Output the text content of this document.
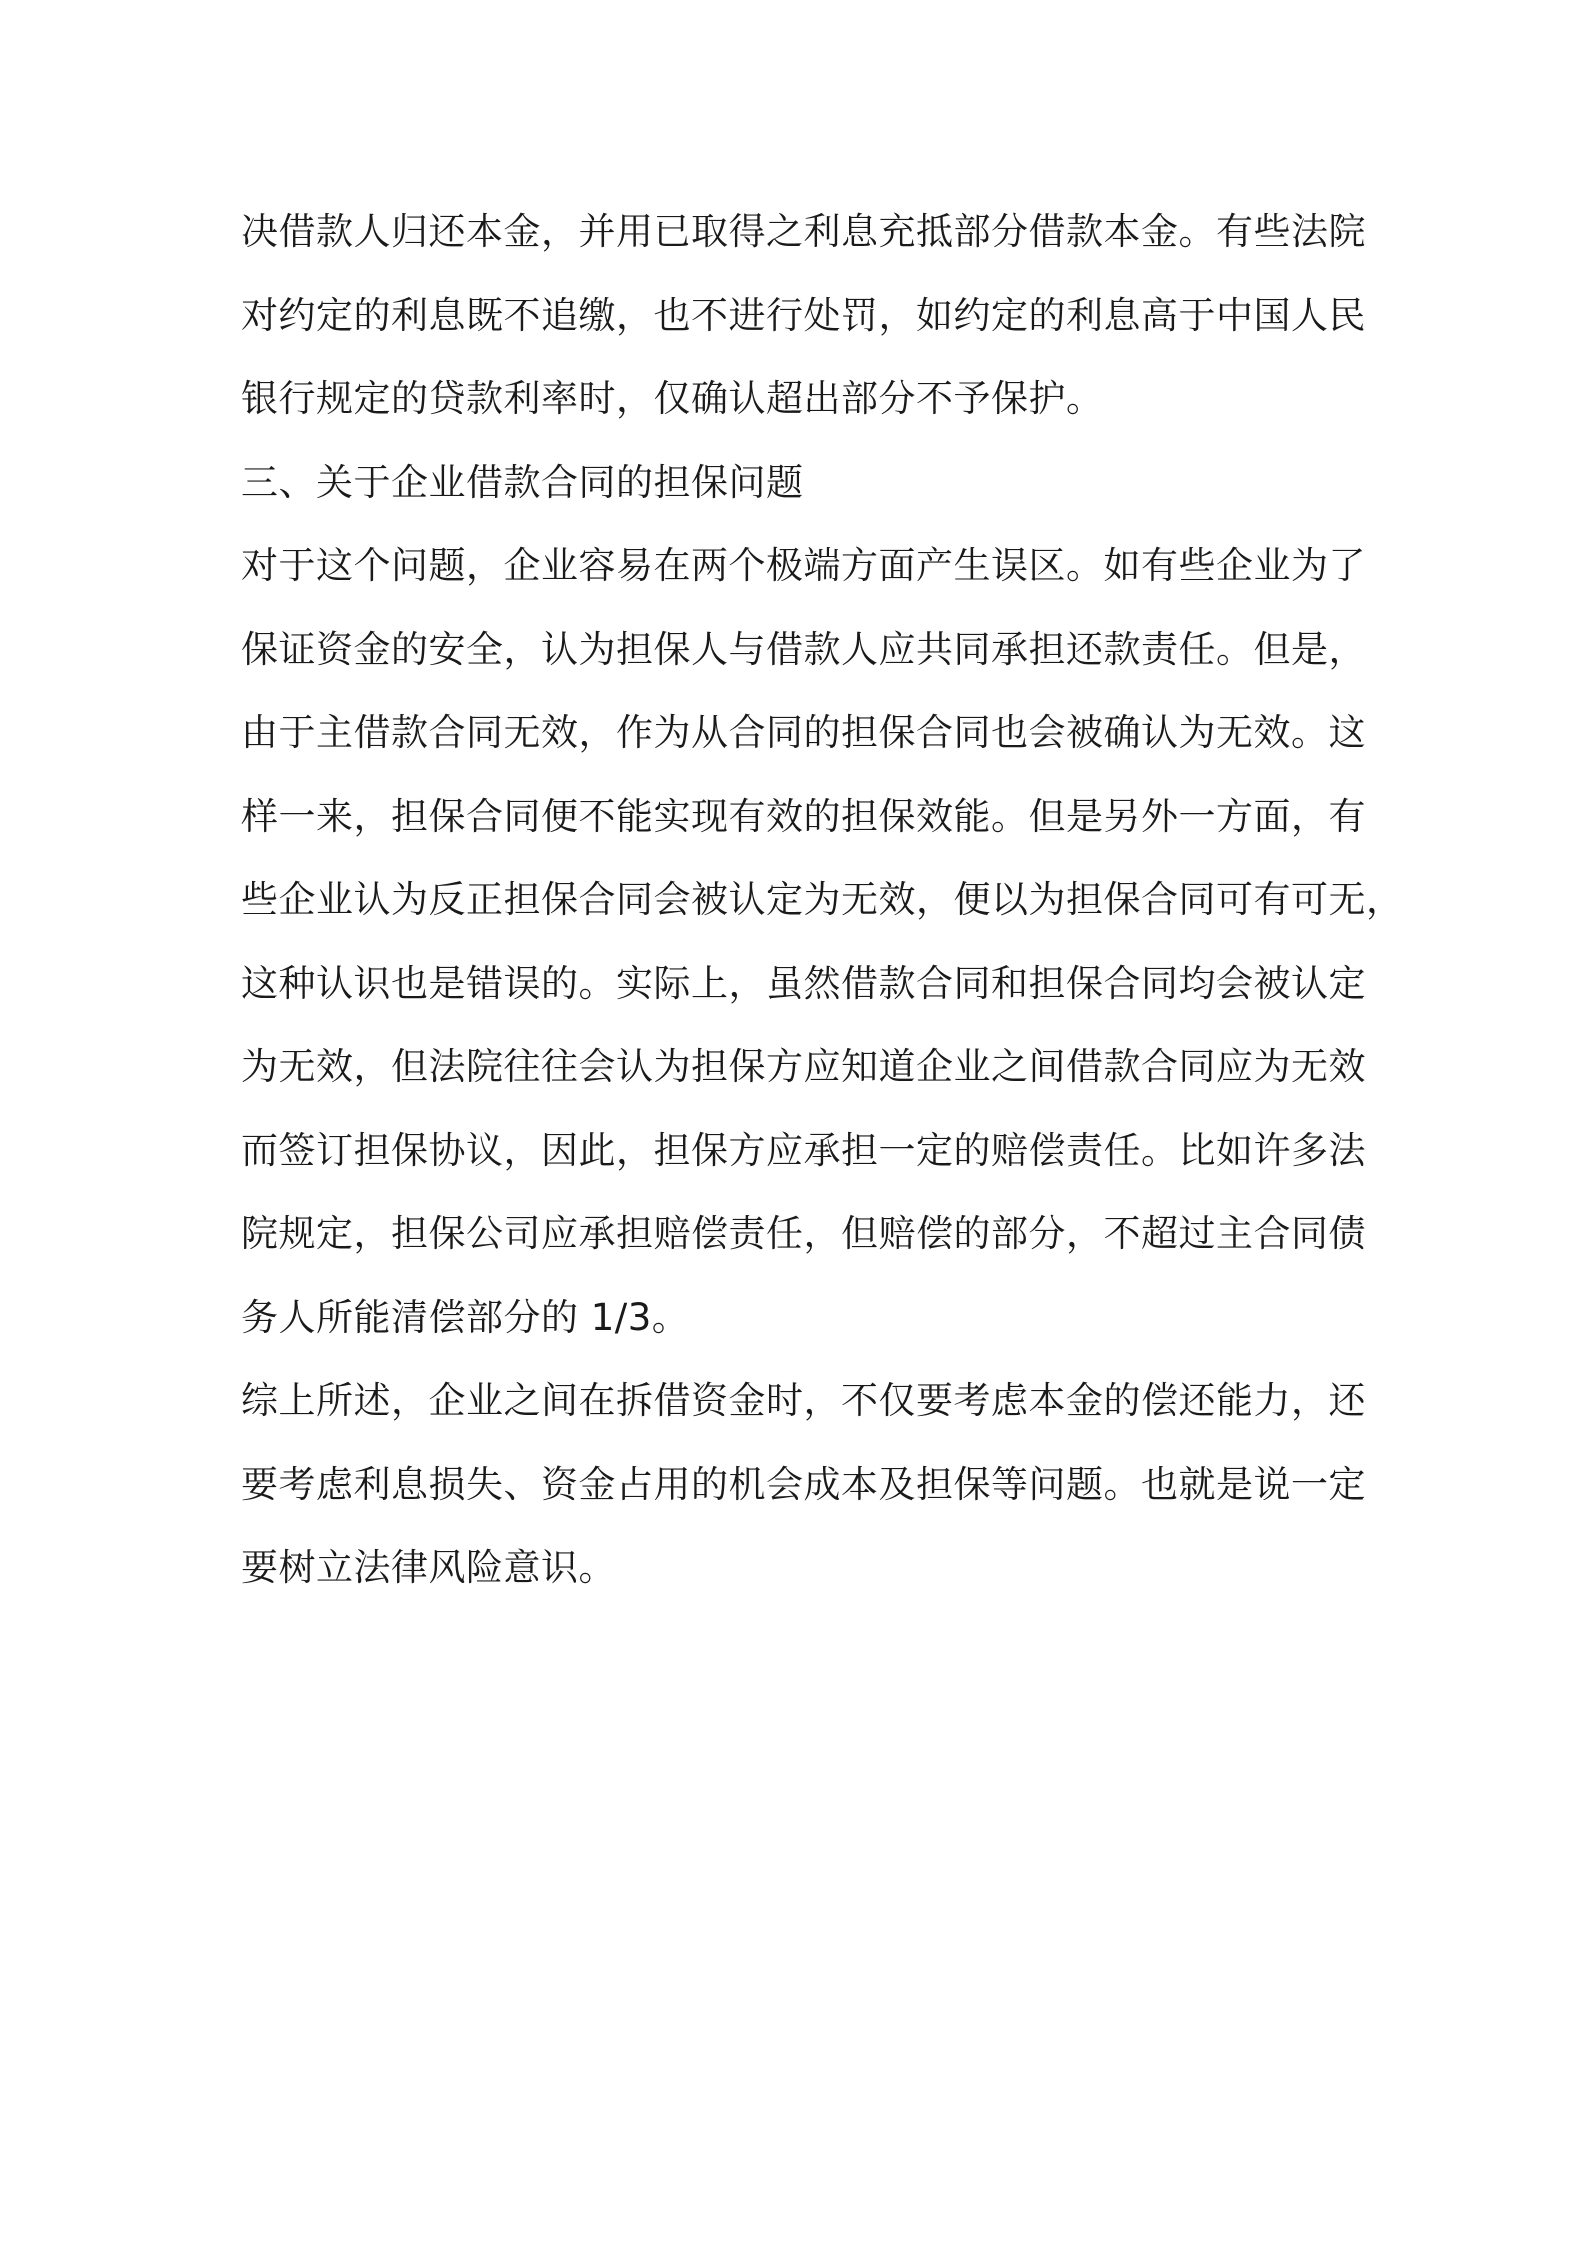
决借款人归还本金，并用已取得之利息充抵部分借款本金。有些法院
对约定的利息既不追缴，也不进行处罚，如约定的利息高于中国人民
银行规定的贷款利率时，仅确认超出部分不予保护。
三、关于企业借款合同的担保问题
对于这个问题，企业容易在两个极端方面产生误区。如有些企业为了
保证资金的安全，认为担保人与借款人应共同承担还款责任。但是，
由于主借款合同无效，作为从合同的担保合同也会被确认为无效。这
样一来，担保合同便不能实现有效的担保效能。但是另外一方面，有
些企业认为反正担保合同会被认定为无效，便以为担保合同可有可无，
这种认识也是错误的。实际上，虽然借款合同和担保合同均会被认定
为无效，但法院往往会认为担保方应知道企业之间借款合同应为无效
而签订担保协议，因此，担保方应承担一定的赔偿责任。比如许多法
院规定，担保公司应承担赔偿责任，但赔偿的部分，不超过主合同债
务人所能清偿部分的 1/3。
综上所述，企业之间在拆借资金时，不仅要考虑本金的偿还能力，还
要考虑利息损失、资金占用的机会成本及担保等问题。也就是说一定
要树立法律风险意识。
